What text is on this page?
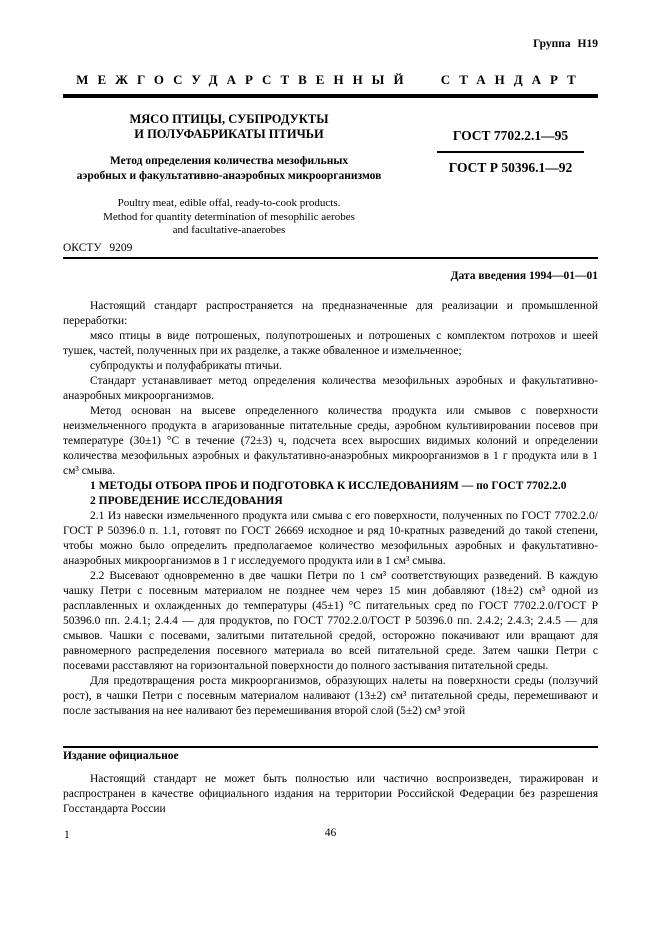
Группа Н19
МЕЖГОСУДАРСТВЕННЫЙ СТАНДАРТ
МЯСО ПТИЦЫ, СУБПРОДУКТЫ
И ПОЛУФАБРИКАТЫ ПТИЧЬИ
Метод определения количества мезофильных
аэробных и факультативно-анаэробных микроорганизмов
Poultry meat, edible offal, ready-to-cook products.
Method for quantity determination of mesophilic aerobes
and facultative-anaerobes
ГОСТ 7702.2.1—95
ГОСТ Р 50396.1—92
ОКСТУ 9209
Дата введения 1994—01—01

Настоящий стандарт распространяется на предназначенные для реализации и промышленной переработки:

мясо птицы в виде потрошеных, полупотрошеных и потрошеных с комплектом потрохов и шеей тушек, частей, полученных при их разделке, а также обваленное и измельченное;

субпродукты и полуфабрикаты птичьи.

Стандарт устанавливает метод определения количества мезофильных аэробных и факультативно-анаэробных микроорганизмов.

Метод основан на высеве определенного количества продукта или смывов с поверхности неизмельченного продукта в агаризованные питательные среды, аэробном культивировании посевов при температуре (30±1) °С в течение (72±3) ч, подсчета всех выросших видимых колоний и определении количества мезофильных аэробных и факультативно-анаэробных микроорганизмов в 1 г продукта или в 1 см³ смыва.

1 МЕТОДЫ ОТБОРА ПРОБ И ПОДГОТОВКА К ИССЛЕДОВАНИЯМ — по ГОСТ 7702.2.0

2 ПРОВЕДЕНИЕ ИССЛЕДОВАНИЯ

2.1 Из навески измельченного продукта или смыва с его поверхности, полученных по ГОСТ 7702.2.0/ГОСТ Р 50396.0 п. 1.1, готовят по ГОСТ 26669 исходное и ряд 10-кратных разведений до такой степени, чтобы можно было определить предполагаемое количество мезофильных аэробных и факультативно-анаэробных микроорганизмов в 1 г исследуемого продукта или в 1 см³ смыва.

2.2 Высевают одновременно в две чашки Петри по 1 см³ соответствующих разведений. В каждую чашку Петри с посевным материалом не позднее чем через 15 мин добавляют (18±2) см³ одной из расплавленных и охлажденных до температуры (45±1) °С питательных сред по ГОСТ 7702.2.0/ГОСТ Р 50396.0 пп. 2.4.1; 2.4.4 — для продуктов, по ГОСТ 7702.2.0/ГОСТ Р 50396.0 пп. 2.4.2; 2.4.3; 2.4.5 — для смывов. Чашки с посевами, залитыми питательной средой, осторожно покачивают или вращают для равномерного распределения посевного материала во всей питательной среде. Затем чашки Петри с посевами расставляют на горизонтальной поверхности до полного застывания питательной среды.

Для предотвращения роста микроорганизмов, образующих налеты на поверхности среды (ползучий рост), в чашки Петри с посевным материалом наливают (13±2) см³ питательной среды, перемешивают и после застывания на нее наливают без перемешивания второй слой (5±2) см³ этой

Издание официальное

Настоящий стандарт не может быть полностью или частично воспроизведен, тиражирован и распространен в качестве официального издания на территории Российской Федерации без разрешения Госстандарта России

1	46
